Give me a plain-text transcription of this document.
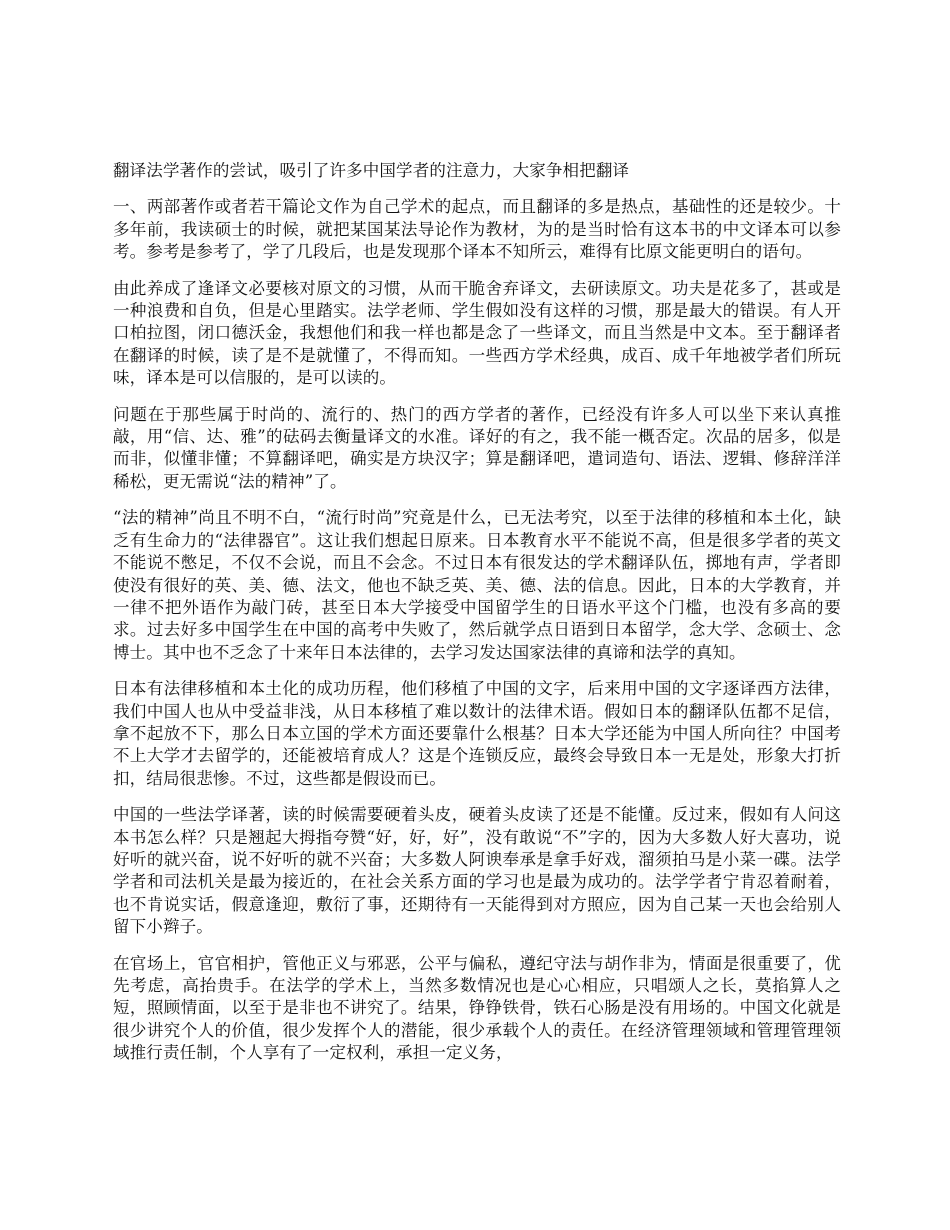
翻译法学著作的尝试，吸引了许多中国学者的注意力，大家争相把翻译

一、两部著作或者若干篇论文作为自己学术的起点，而且翻译的多是热点，基础性的还是较少。十多年前，我读硕士的时候，就把某国某法导论作为教材，为的是当时恰有这本书的中文译本可以参考。参考是参考了，学了几段后，也是发现那个译本不知所云，难得有比原文能更明白的语句。

由此养成了逢译文必要核对原文的习惯，从而干脆舍弃译文，去研读原文。功夫是花多了，甚或是一种浪费和自负，但是心里踏实。法学老师、学生假如没有这样的习惯，那是最大的错误。有人开口柏拉图，闭口德沃金，我想他们和我一样也都是念了一些译文，而且当然是中文本。至于翻译者在翻译的时候，读了是不是就懂了，不得而知。一些西方学术经典，成百、成千年地被学者们所玩味，译本是可以信服的，是可以读的。

问题在于那些属于时尚的、流行的、热门的西方学者的著作，已经没有许多人可以坐下来认真推敲，用“信、达、雅”的砝码去衡量译文的水准。译好的有之，我不能一概否定。次品的居多，似是而非，似懂非懂；不算翻译吧，确实是方块汉字；算是翻译吧，遣词造句、语法、逻辑、修辞洋洋稀松，更无需说“法的精神”了。

“法的精神”尚且不明不白，“流行时尚”究竟是什么，已无法考究，以至于法律的移植和本土化，缺乏有生命力的“法律器官”。这让我们想起日原来。日本教育水平不能说不高，但是很多学者的英文不能说不憋足，不仅不会说，而且不会念。不过日本有很发达的学术翻译队伍，掷地有声，学者即使没有很好的英、美、德、法文，他也不缺乏英、美、德、法的信息。因此，日本的大学教育，并一律不把外语作为敲门砖，甚至日本大学接受中国留学生的日语水平这个门槛，也没有多高的要求。过去好多中国学生在中国的高考中失败了，然后就学点日语到日本留学，念大学、念硕士、念博士。其中也不乏念了十来年日本法律的，去学习发达国家法律的真谛和法学的真知。

日本有法律移植和本土化的成功历程，他们移植了中国的文字，后来用中国的文字逐译西方法律，我们中国人也从中受益非浅，从日本移植了难以数计的法律术语。假如日本的翻译队伍都不足信，拿不起放不下，那么日本立国的学术方面还要靠什么根基？日本大学还能为中国人所向往？中国考不上大学才去留学的，还能被培育成人？这是个连锁反应，最终会导致日本一无是处，形象大打折扣，结局很悲惨。不过，这些都是假设而已。

中国的一些法学译著，读的时候需要硬着头皮，硬着头皮读了还是不能懂。反过来，假如有人问这本书怎么样？只是翘起大拇指夸赞“好，好，好”，没有敢说“不”字的，因为大多数人好大喜功，说好听的就兴奋，说不好听的就不兴奋；大多数人阿谀奉承是拿手好戏，溜须拍马是小菜一碟。法学学者和司法机关是最为接近的，在社会关系方面的学习也是最为成功的。法学学者宁肯忍着耐着，也不肯说实话，假意逢迎，敷衍了事，还期待有一天能得到对方照应，因为自己某一天也会给别人留下小辫子。

在官场上，官官相护，管他正义与邪恶，公平与偏私，遵纪守法与胡作非为，情面是很重要了，优先考虑，高抬贵手。在法学的学术上，当然多数情况也是心心相应，只唱颂人之长，莫掐算人之短，照顾情面，以至于是非也不讲究了。结果，铮铮铁骨，铁石心肠是没有用场的。中国文化就是很少讲究个人的价值，很少发挥个人的潜能，很少承载个人的责任。在经济管理领域和管理管理领域推行责任制，个人享有了一定权利，承担一定义务，
